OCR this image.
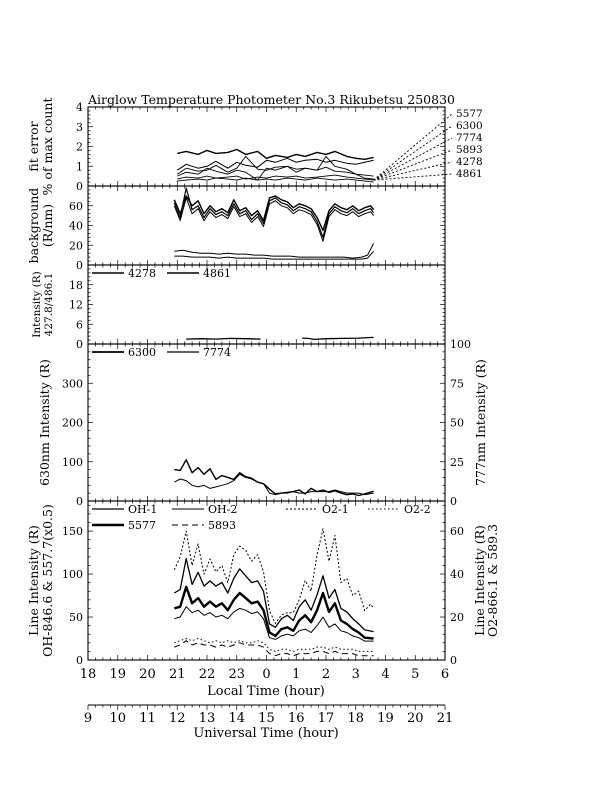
Airglow Temperature Photometer No.3 Rikubetsu 250830
0
1
2
3
4
fit error % of max count	5577
6300
7774
5893
4278
4861
0
20
40
60
background (R/nm)
0
6
12
18
Intensity (R) 427.8/486.1	4278	4861
0
100
200
300
0
25
50
75
100
630nm Intensity (R)	777nm Intensity (R)
6300	7774
0
50
100
150
0
20
40
60
Line Intensity (R) OH-846.6 & 557.7(x0.5)	Line Intensity (R)
O2-866.1 & 589.3
OH-1	OH-2	O2-1	O2-2
5577	5893
18 19 20 21 22 23 0 1 2 3 4 5 6
Local Time (hour)
9 10 11 12 13 14 15 16 17 18 19 20 21
Universal Time (hour)
